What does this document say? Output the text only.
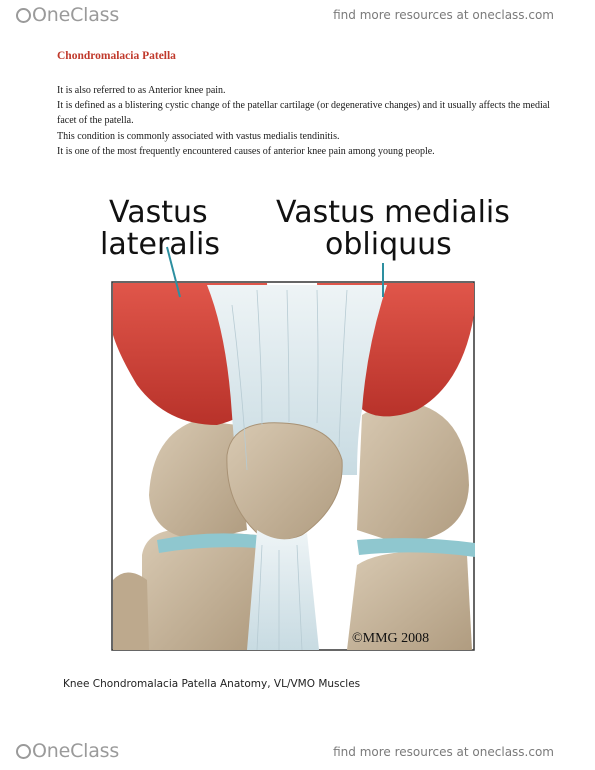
OneClass	find more resources at oneclass.com
Chondromalacia Patella

It is also referred to as Anterior knee pain.

It is defined as a blistering cystic change of the patellar cartilage (or degenerative changes) and it usually affects the medial facet of the patella.

This condition is commonly associated with vastus medialis tendinitis.

It is one of the most frequently encountered causes of anterior knee pain among young people.

Vastus
lateralis
Vastus medialis
obliquus
©MMG 2008
Knee Chondromalacia Patella Anatomy, VL/VMO Muscles
OneClass	find more resources at oneclass.com
